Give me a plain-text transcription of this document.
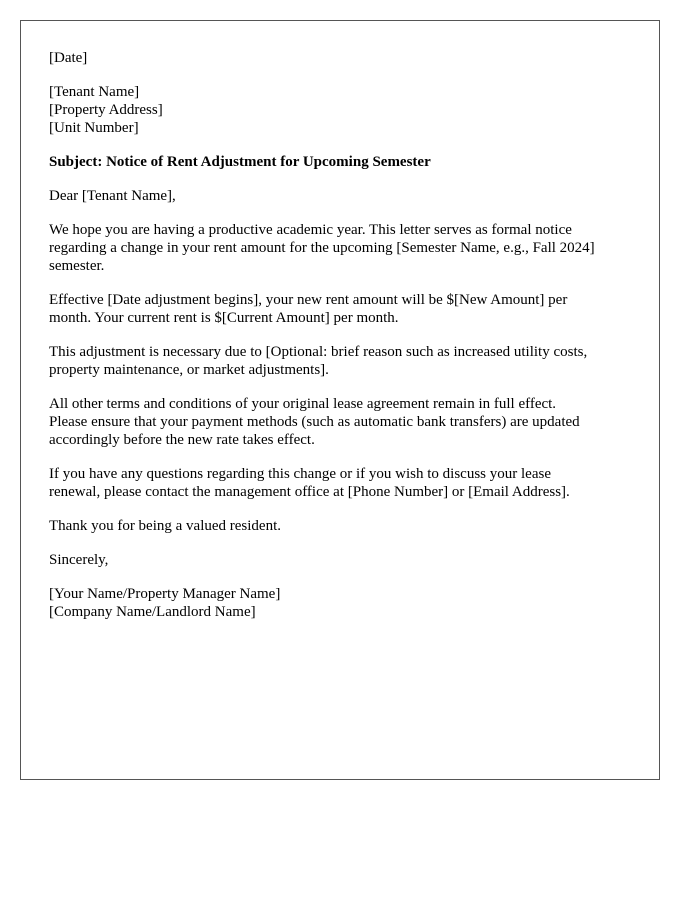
[Date]

[Tenant Name]
[Property Address]
[Unit Number]

Subject: Notice of Rent Adjustment for Upcoming Semester

Dear [Tenant Name],

We hope you are having a productive academic year. This letter serves as formal notice
regarding a change in your rent amount for the upcoming [Semester Name, e.g., Fall 2024]
semester.

Effective [Date adjustment begins], your new rent amount will be $[New Amount] per
month. Your current rent is $[Current Amount] per month.

This adjustment is necessary due to [Optional: brief reason such as increased utility costs,
property maintenance, or market adjustments].

All other terms and conditions of your original lease agreement remain in full effect.
Please ensure that your payment methods (such as automatic bank transfers) are updated
accordingly before the new rate takes effect.

If you have any questions regarding this change or if you wish to discuss your lease
renewal, please contact the management office at [Phone Number] or [Email Address].

Thank you for being a valued resident.

Sincerely,

[Your Name/Property Manager Name]
[Company Name/Landlord Name]
